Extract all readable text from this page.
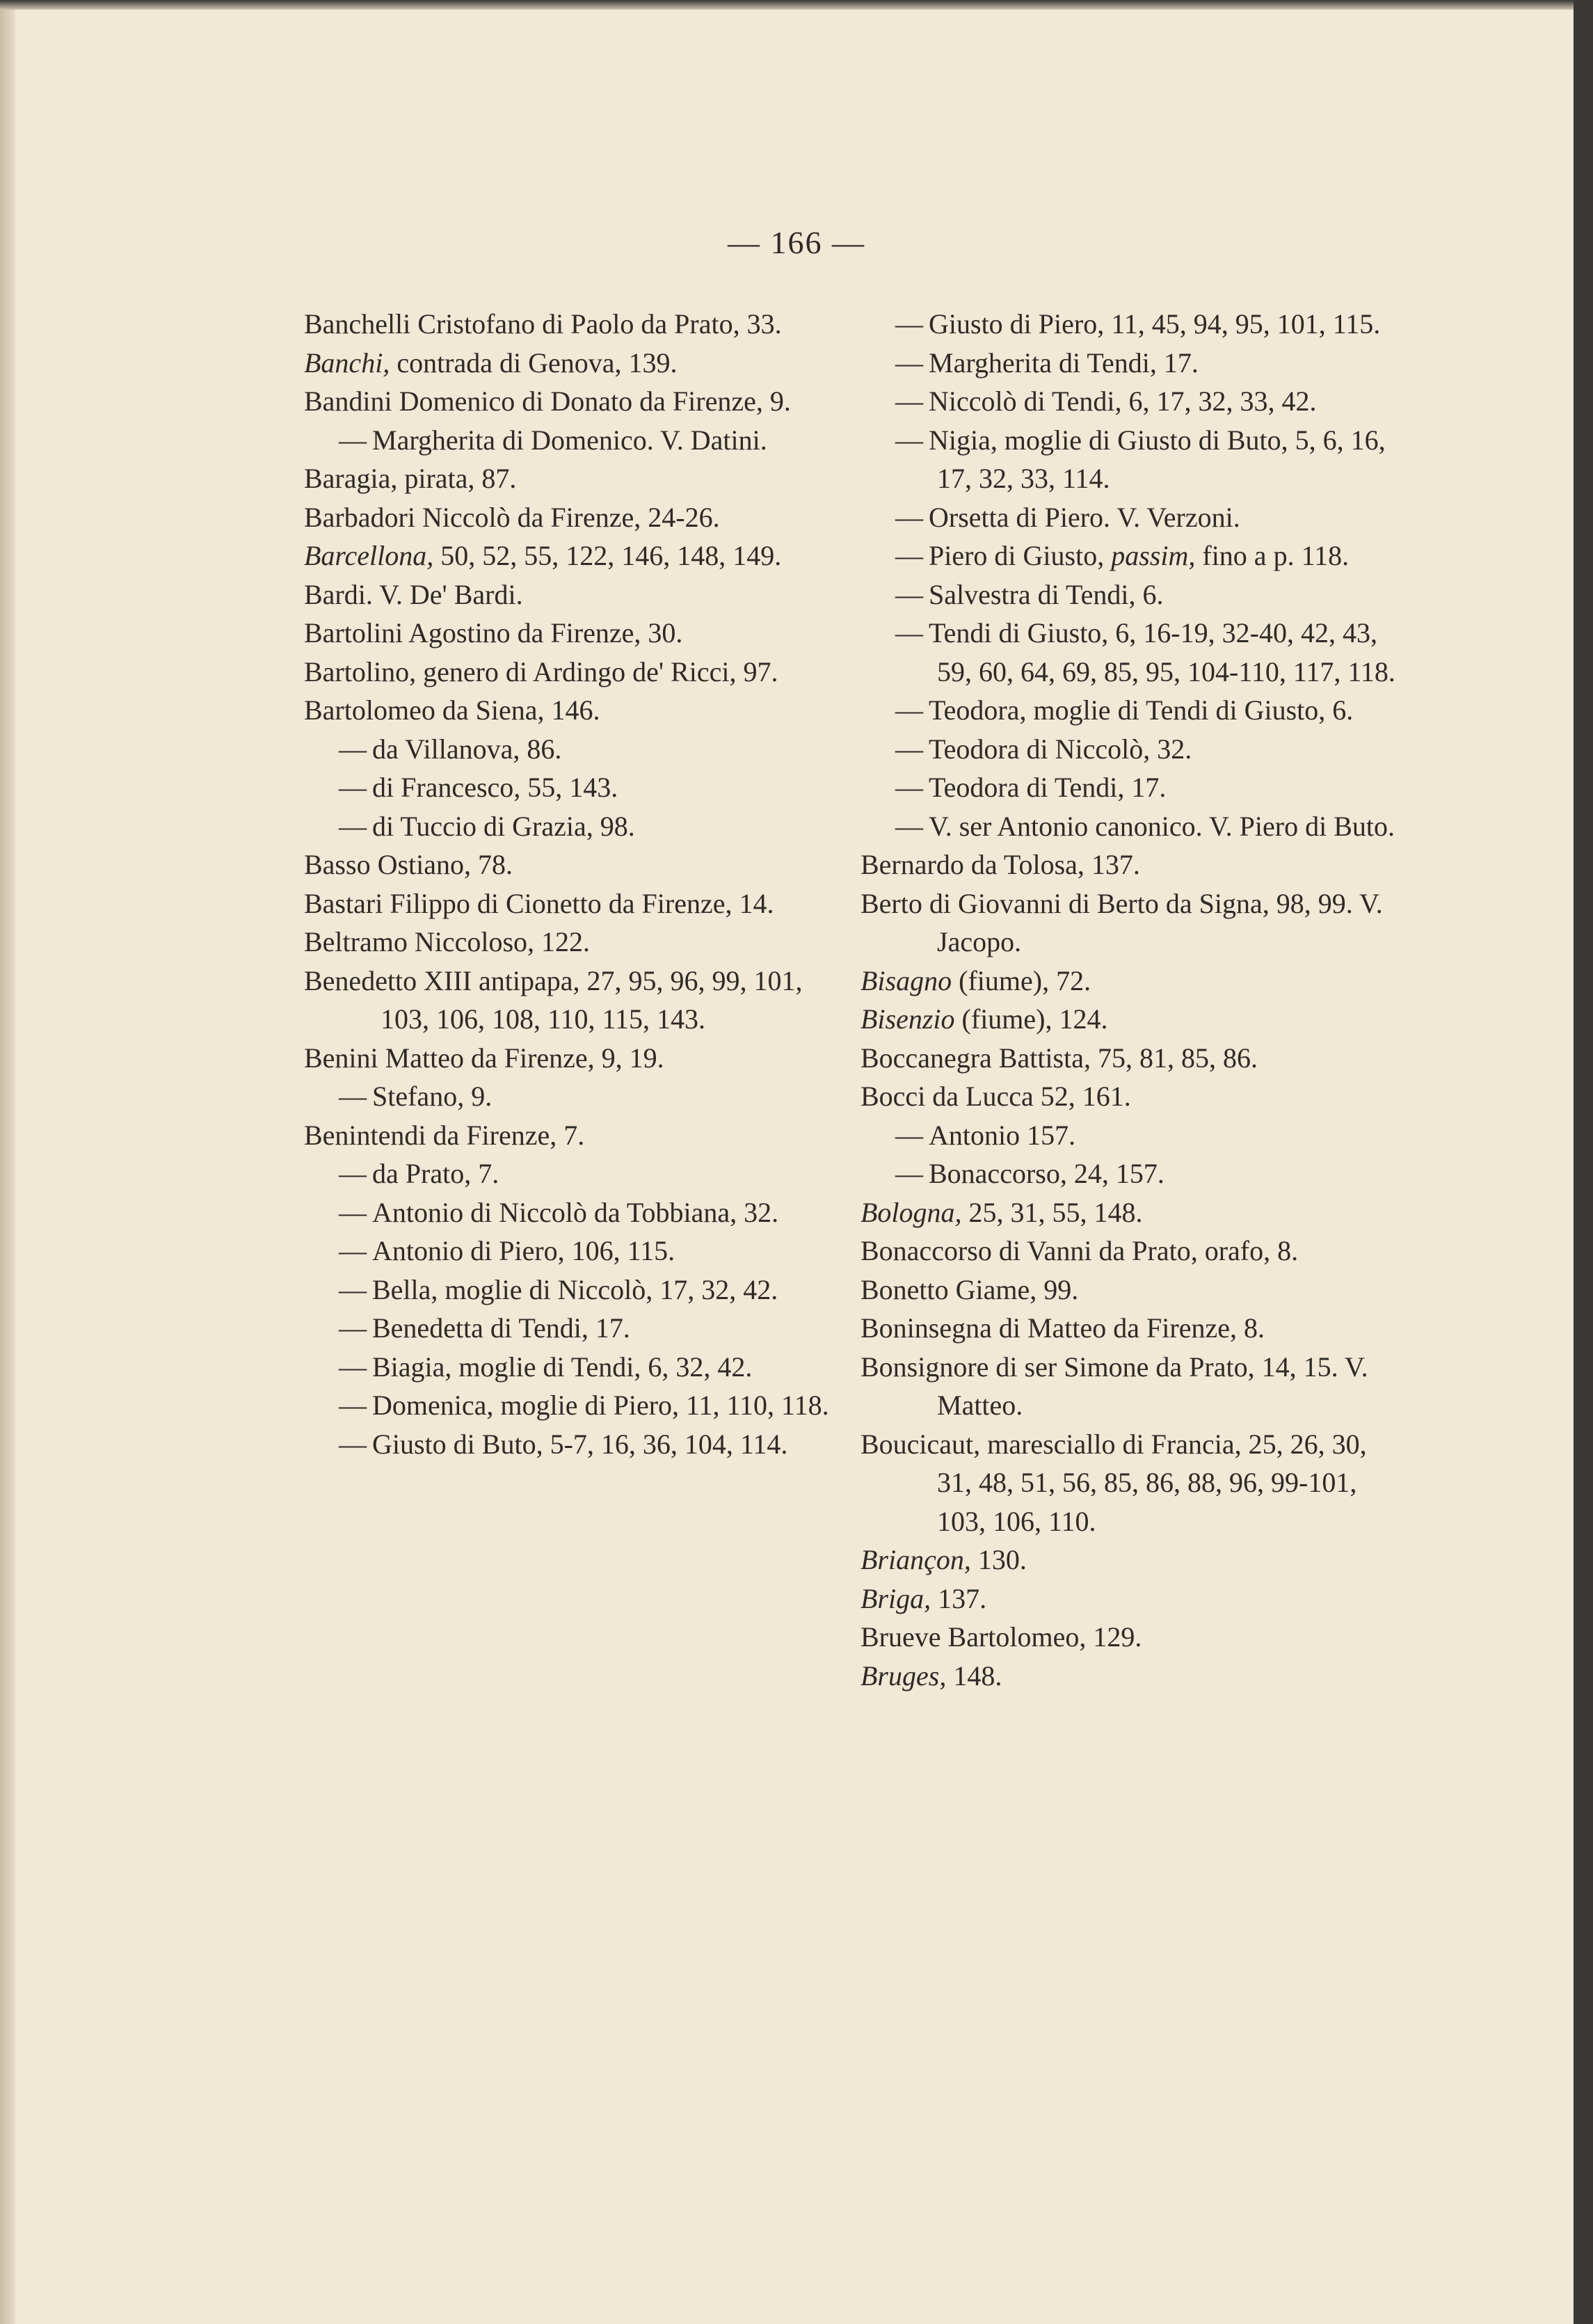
— 166 —
Banchelli Cristofano di Paolo da Prato, 33.
Banchi, contrada di Genova, 139.
Bandini Domenico di Donato da Firenze, 9.
— Margherita di Domenico. V. Datini.
Baragia, pirata, 87.
Barbadori Niccolò da Firenze, 24-26.
Barcellona, 50, 52, 55, 122, 146, 148, 149.
Bardi. V. De' Bardi.
Bartolini Agostino da Firenze, 30.
Bartolino, genero di Ardingo de' Ricci, 97.
Bartolomeo da Siena, 146.
— da Villanova, 86.
— di Francesco, 55, 143.
— di Tuccio di Grazia, 98.
Basso Ostiano, 78.
Bastari Filippo di Cionetto da Firenze, 14.
Beltramo Niccoloso, 122.
Benedetto XIII antipapa, 27, 95, 96, 99, 101, 103, 106, 108, 110, 115, 143.
Benini Matteo da Firenze, 9, 19.
— Stefano, 9.
Benintendi da Firenze, 7.
— da Prato, 7.
— Antonio di Niccolò da Tobbiana, 32.
— Antonio di Piero, 106, 115.
— Bella, moglie di Niccolò, 17, 32, 42.
— Benedetta di Tendi, 17.
— Biagia, moglie di Tendi, 6, 32, 42.
— Domenica, moglie di Piero, 11, 110, 118.
— Giusto di Buto, 5-7, 16, 36, 104, 114.
— Giusto di Piero, 11, 45, 94, 95, 101, 115.
— Margherita di Tendi, 17.
— Niccolò di Tendi, 6, 17, 32, 33, 42.
— Nigia, moglie di Giusto di Buto, 5, 6, 16, 17, 32, 33, 114.
— Orsetta di Piero. V. Verzoni.
— Piero di Giusto, passim, fino a p. 118.
— Salvestra di Tendi, 6.
— Tendi di Giusto, 6, 16-19, 32-40, 42, 43, 59, 60, 64, 69, 85, 95, 104-110, 117, 118.
— Teodora, moglie di Tendi di Giusto, 6.
— Teodora di Niccolò, 32.
— Teodora di Tendi, 17.
— V. ser Antonio canonico. V. Piero di Buto.
Bernardo da Tolosa, 137.
Berto di Giovanni di Berto da Signa, 98, 99. V. Jacopo.
Bisagno (fiume), 72.
Bisenzio (fiume), 124.
Boccanegra Battista, 75, 81, 85, 86.
Bocci da Lucca 52, 161.
— Antonio 157.
— Bonaccorso, 24, 157.
Bologna, 25, 31, 55, 148.
Bonaccorso di Vanni da Prato, orafo, 8.
Bonetto Giame, 99.
Boninsegna di Matteo da Firenze, 8.
Bonsignore di ser Simone da Prato, 14, 15. V. Matteo.
Boucicaut, maresciallo di Francia, 25, 26, 30, 31, 48, 51, 56, 85, 86, 88, 96, 99-101, 103, 106, 110.
Briançon, 130.
Briga, 137.
Brueve Bartolomeo, 129.
Bruges, 148.
